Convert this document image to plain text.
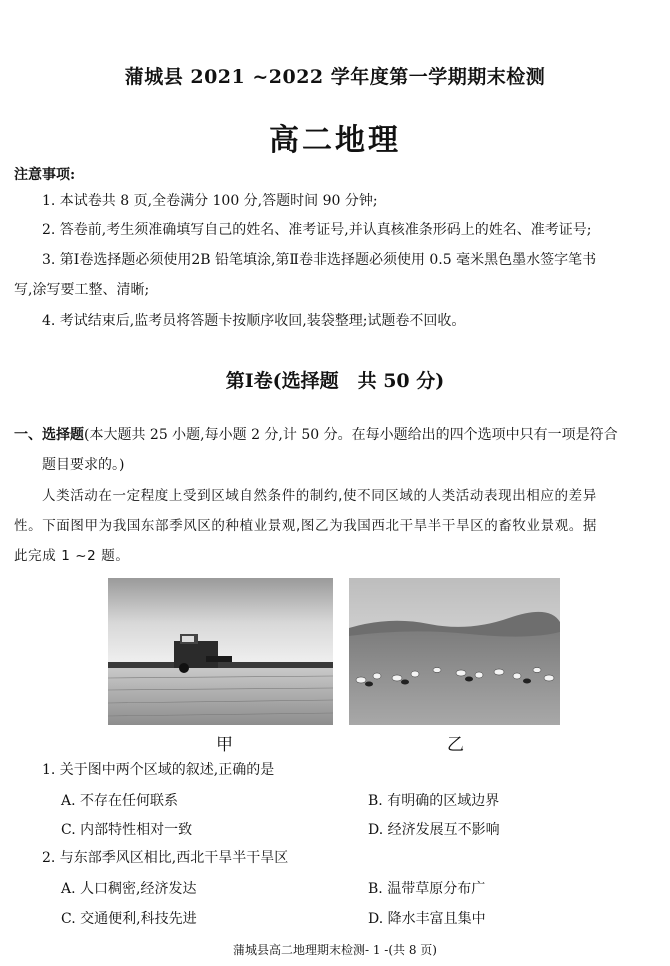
蒲城县 2021 ~2022 学年度第一学期期末检测
高二地理
注意事项:
1. 本试卷共 8 页,全卷满分 100 分,答题时间 90 分钟;
2. 答卷前,考生须准确填写自己的姓名、准考证号,并认真核准条形码上的姓名、准考证号;
3. 第Ⅰ卷选择题必须使用2B 铅笔填涂,第Ⅱ卷非选择题必须使用 0.5 毫米黑色墨水签字笔书
写,涂写要工整、清晰;
4. 考试结束后,监考员将答题卡按顺序收回,装袋整理;试题卷不回收。
第Ⅰ卷(选择题　共 50 分)
一、选择题(本大题共 25 小题,每小题 2 分,计 50 分。在每小题给出的四个选项中只有一项是符合
题目要求的。)
人类活动在一定程度上受到区域自然条件的制约,使不同区域的人类活动表现出相应的差异
性。下面图甲为我国东部季风区的种植业景观,图乙为我国西北干旱半干旱区的畜牧业景观。据
此完成 1 ~2 题。
甲	乙
1. 关于图中两个区域的叙述,正确的是
A. 不存在任何联系	B. 有明确的区域边界
C. 内部特性相对一致	D. 经济发展互不影响
2. 与东部季风区相比,西北干旱半干旱区
A. 人口稠密,经济发达	B. 温带草原分布广
C. 交通便利,科技先进	D. 降水丰富且集中
蒲城县高二地理期末检测- 1 -(共 8 页)
